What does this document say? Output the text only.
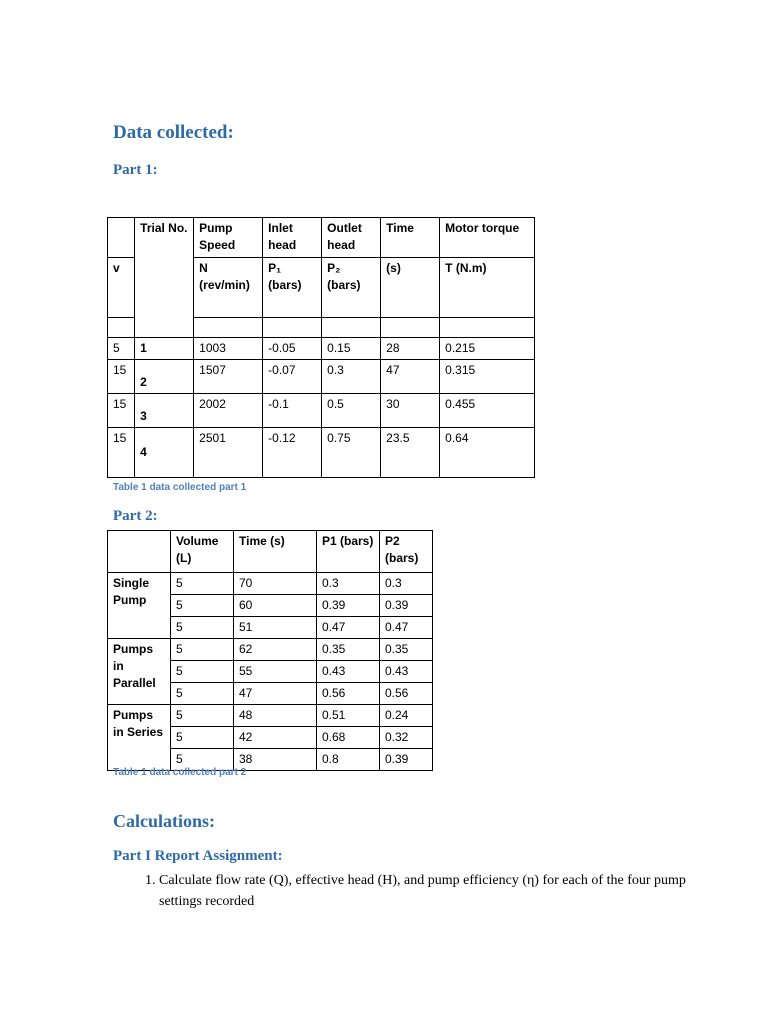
Data collected:
Part 1:
	Trial No.	Pump Speed	Inlet head	Outlet head	Time	Motor torque
v		N (rev/min)	P₁ (bars)	P₂ (bars)	(s)	T (N.m)

5	1	1003	-0.05	0.15	28	0.215
15	2	1507	-0.07	0.3	47	0.315
15	3	2002	-0.1	0.5	30	0.455
15	4	2501	-0.12	0.75	23.5	0.64
Table 1 data collected part 1
Part 2:
	Volume (L)	Time (s)	P1 (bars)	P2 (bars)
Single Pump	5	70	0.3	0.3
	5	60	0.39	0.39
	5	51	0.47	0.47
Pumps in Parallel	5	62	0.35	0.35
	5	55	0.43	0.43
	5	47	0.56	0.56
Pumps in Series	5	48	0.51	0.24
	5	42	0.68	0.32
	5	38	0.8	0.39
Table 1 data collected part 2
Calculations:
Part I Report Assignment:
1. Calculate flow rate (Q), effective head (H), and pump efficiency (η) for each of the four pump settings recorded
